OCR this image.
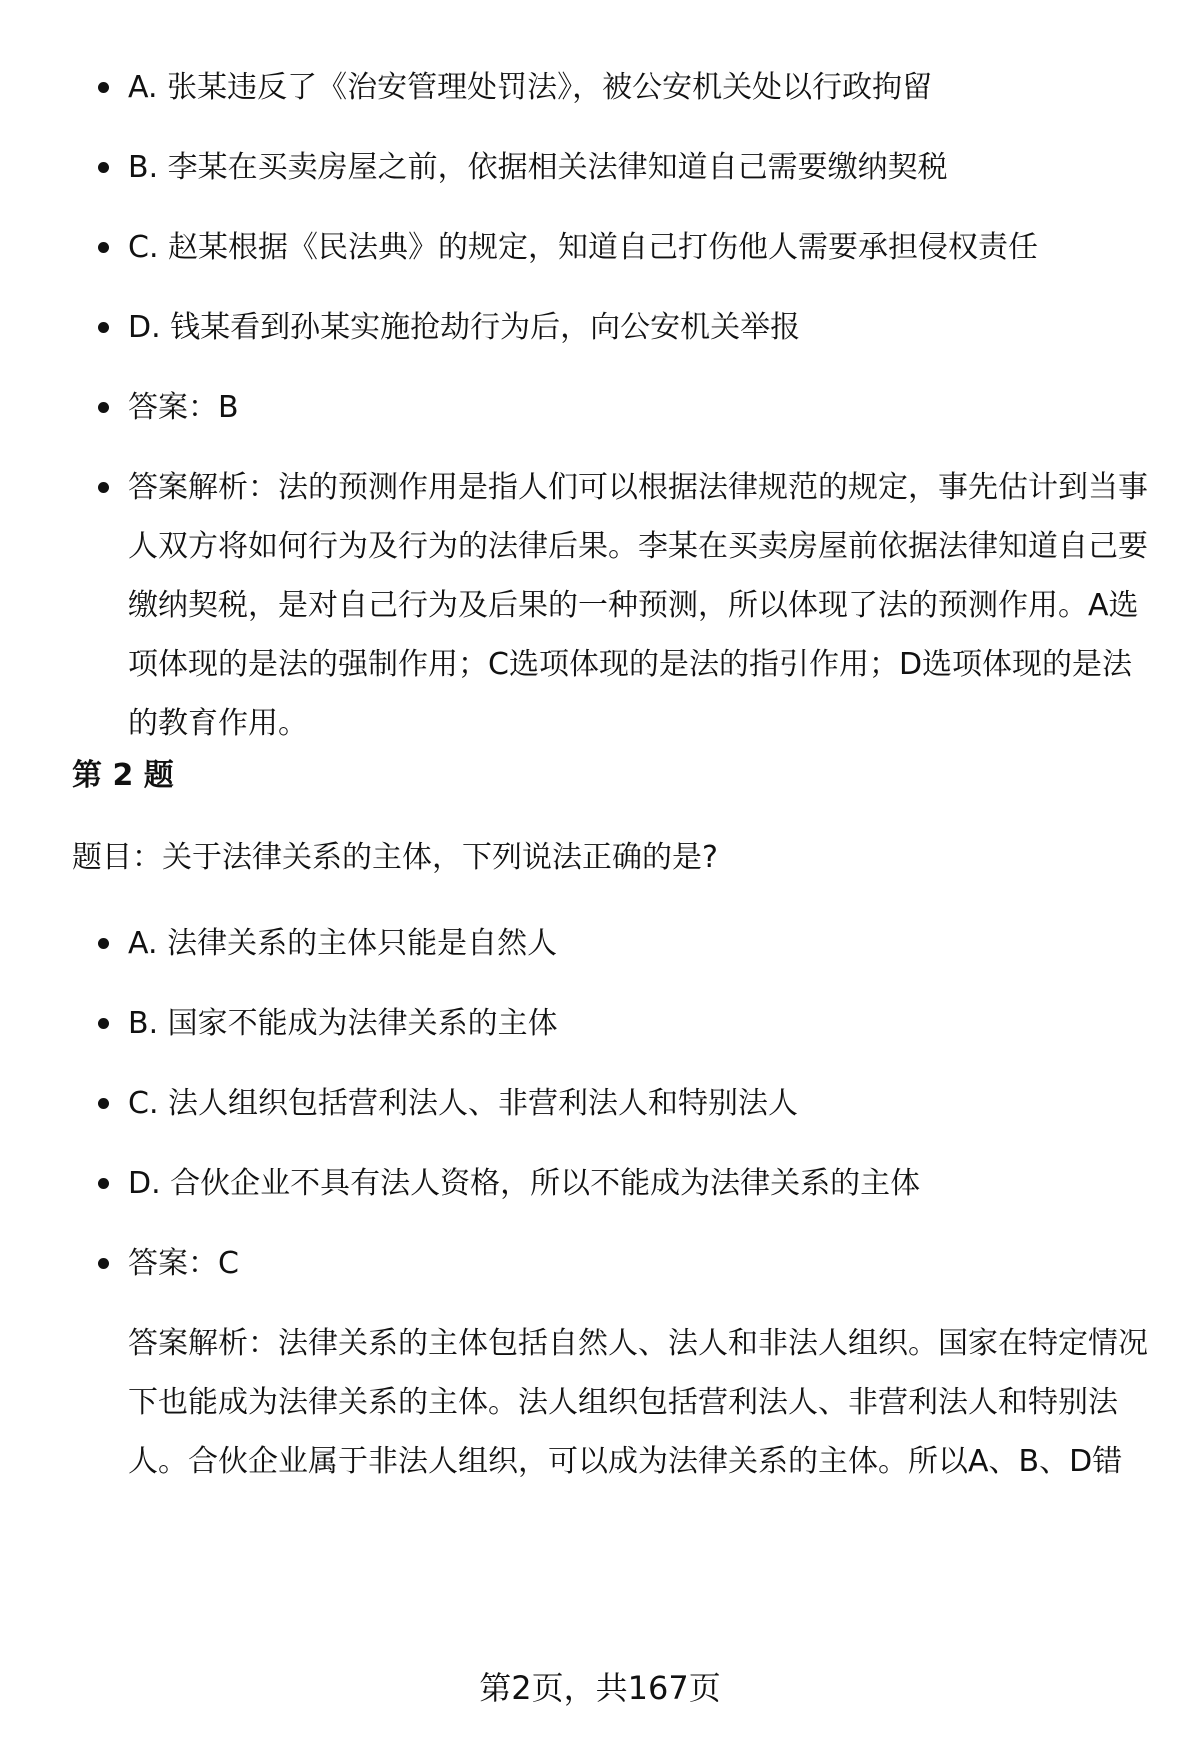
A. 张某违反了《治安管理处罚法》，被公安机关处以行政拘留
B. 李某在买卖房屋之前，依据相关法律知道自己需要缴纳契税
C. 赵某根据《民法典》的规定，知道自己打伤他人需要承担侵权责任
D. 钱某看到孙某实施抢劫行为后，向公安机关举报
答案：B
答案解析：法的预测作用是指人们可以根据法律规范的规定，事先估计到当事人双方将如何行为及行为的法律后果。李某在买卖房屋前依据法律知道自己要缴纳契税，是对自己行为及后果的一种预测，所以体现了法的预测作用。A选项体现的是法的强制作用；C选项体现的是法的指引作用；D选项体现的是法的教育作用。
第 2 题
题目：关于法律关系的主体，下列说法正确的是?
A. 法律关系的主体只能是自然人
B. 国家不能成为法律关系的主体
C. 法人组织包括营利法人、非营利法人和特别法人
D. 合伙企业不具有法人资格，所以不能成为法律关系的主体
答案：C
答案解析：法律关系的主体包括自然人、法人和非法人组织。国家在特定情况下也能成为法律关系的主体。法人组织包括营利法人、非营利法人和特别法人。合伙企业属于非法人组织，可以成为法律关系的主体。所以A、B、D错
第2页，共167页
